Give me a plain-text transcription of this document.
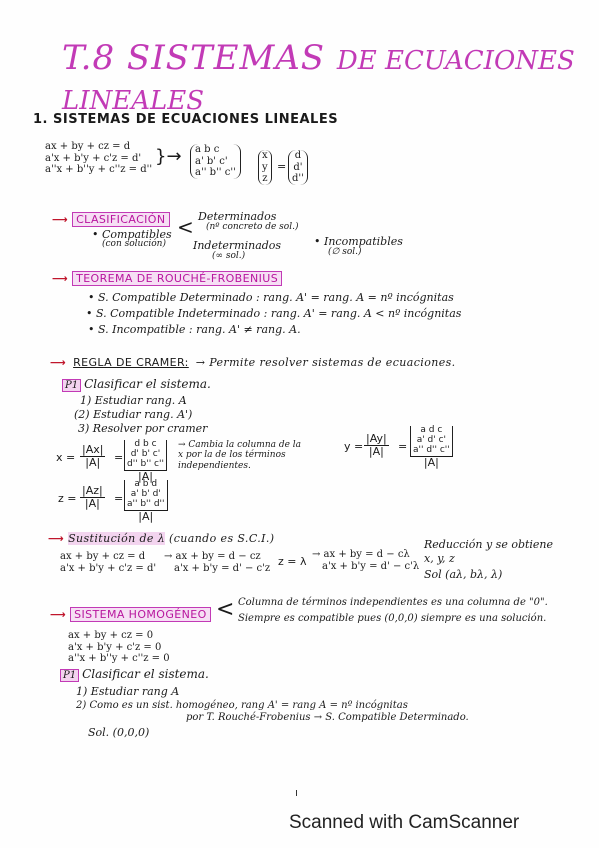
T.8 SISTEMAS DE ECUACIONES LINEALES
1. SISTEMAS DE ECUACIONES LINEALES
ax + by + cz = d
a'x + b'y + c'z = d'
a''x + b''y + c''z = d''
}→ a b c
a' b' c'
a'' b'' c''
x
y
z
=
d
d'
d''
⟶ CLASIFICACIÓN
• Compatibles
(con solución)
< Determinados
(nº concreto de sol.)
Indeterminados
(∞ sol.)
• Incompatibles
(∅ sol.)
⟶ TEOREMA DE ROUCHÉ-FROBENIUS
• S. Compatible Determinado : rang. A' = rang. A = nº incógnitas
• S. Compatible Indeterminado : rang. A' = rang. A < nº incógnitas
• S. Incompatible : rang. A' ≠ rang. A.
⟶ REGLA DE CRAMER: → Permite resolver sistemas de ecuaciones.
P1 Clasificar el sistema.
1) Estudiar rang. A
(2) Estudiar rang. A')
3) Resolver por cramer
$x = \frac{|Ax|}{|A|} = d$ b c
d' b' c'
d'' b'' c''
|A| → Cambia la columna de la
x por la de los términos
independientes.
$y = \frac{|Ay|}{|A|} = a$ d c
a' d' c'
a'' d'' c''
|A|
$z = \frac{|Az|}{|A|} = a$ b d
a' b' d'
a'' b'' d''
|A|
⟶ Sustitución de λ (cuando es S.C.I.)
ax + by + cz = d
a'x + b'y + c'z = d'
→ ax + by = d − cz
a'x + b'y = d' − c'z z = λ
→ ax + by = d − cλ
a'x + b'y = d' − c'λ
Reducción y se obtiene
x, y, z
Sol (aλ, bλ, λ)
⟶ SISTEMA HOMOGÉNEO < Columna de términos independientes es una columna de "0".
Siempre es compatible pues (0,0,0) siempre es una solución.
ax + by + cz = 0
a'x + b'y + c'z = 0
a''x + b''y + c''z = 0
P1 Clasificar el sistema.
1) Estudiar rang A
2) Como es un sist. homogéneo, rang A' = rang A = nº incógnitas
por T. Rouché-Frobenius → S. Compatible Determinado.
Sol. (0,0,0)
Scanned with CamScanner
